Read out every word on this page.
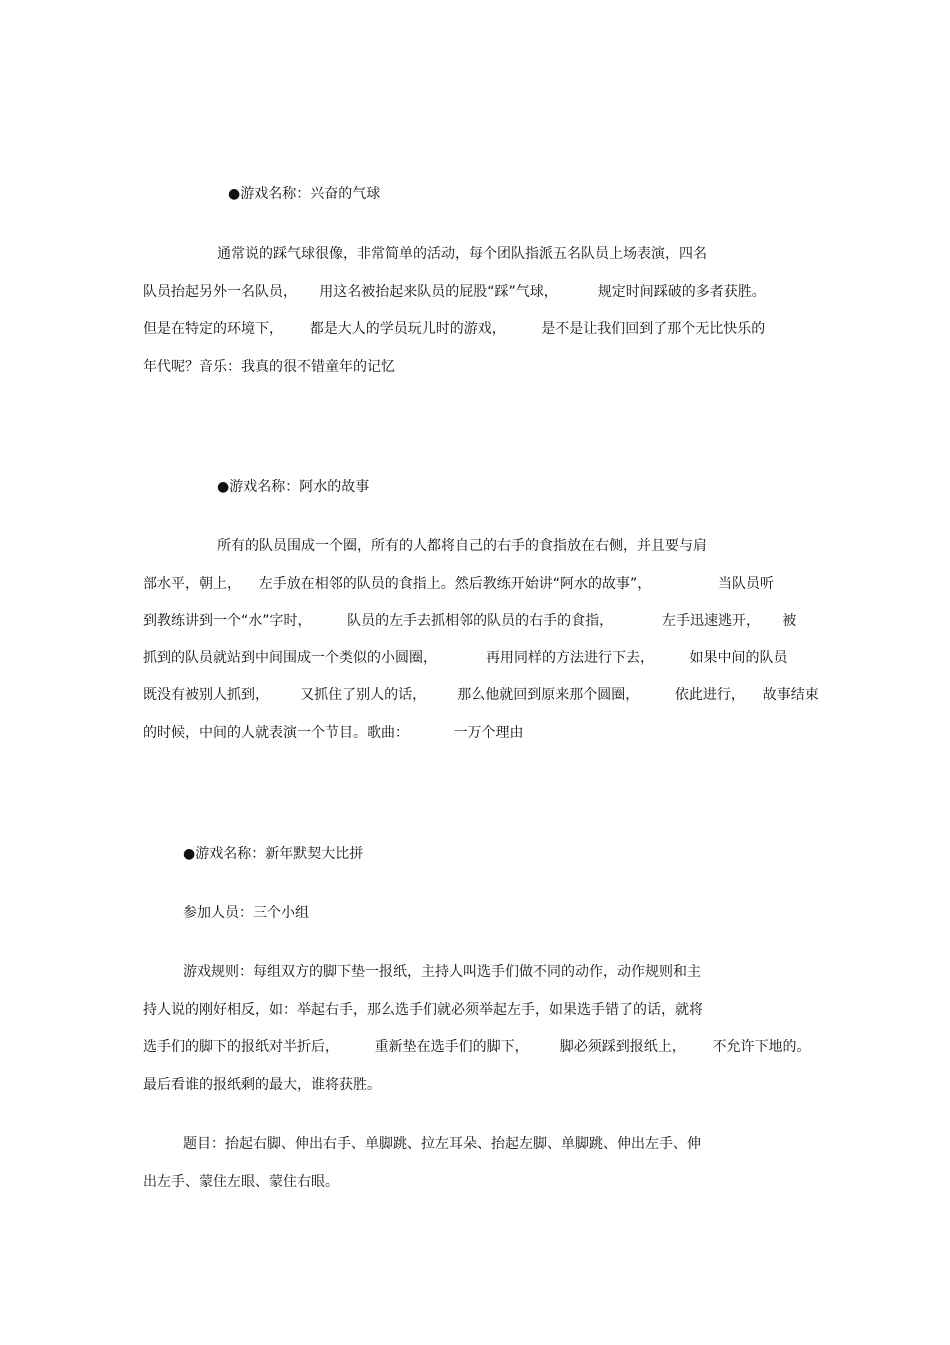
●游戏名称：兴奋的气球
通常说的踩气球很像，非常简单的活动，每个团队指派五名队员上场表演，四名
队员抬起另外一名队员，     用这名被抬起来队员的屁股“踩”气球，         规定时间踩破的多者获胜。
但是在特定的环境下，      都是大人的学员玩儿时的游戏，        是不是让我们回到了那个无比快乐的
年代呢？音乐：我真的很不错童年的记忆
●游戏名称：阿水的故事
所有的队员围成一个圈，所有的人都将自己的右手的食指放在右侧，并且要与肩
部水平，朝上，    左手放在相邻的队员的食指上。然后教练开始讲“阿水的故事”，               当队员听
到教练讲到一个“水”字时，        队员的左手去抓相邻的队员的右手的食指，           左手迅速逃开，     被
抓到的队员就站到中间围成一个类似的小圆圈，           再用同样的方法进行下去，        如果中间的队员
既没有被别人抓到，       又抓住了别人的话，       那么他就回到原来那个圆圈，        依此进行，    故事结束
的时候，中间的人就表演一个节目。歌曲：          一万个理由
●游戏名称：新年默契大比拼
参加人员：三个小组
游戏规则：每组双方的脚下垫一报纸，主持人叫选手们做不同的动作，动作规则和主
持人说的刚好相反，如：举起右手，那么选手们就必须举起左手，如果选手错了的话，就将
选手们的脚下的报纸对半折后，        重新垫在选手们的脚下，       脚必须踩到报纸上，      不允许下地的。
最后看谁的报纸剩的最大，谁将获胜。
题目：抬起右脚、伸出右手、单脚跳、拉左耳朵、抬起左脚、单脚跳、伸出左手、伸
出左手、蒙住左眼、蒙住右眼。
